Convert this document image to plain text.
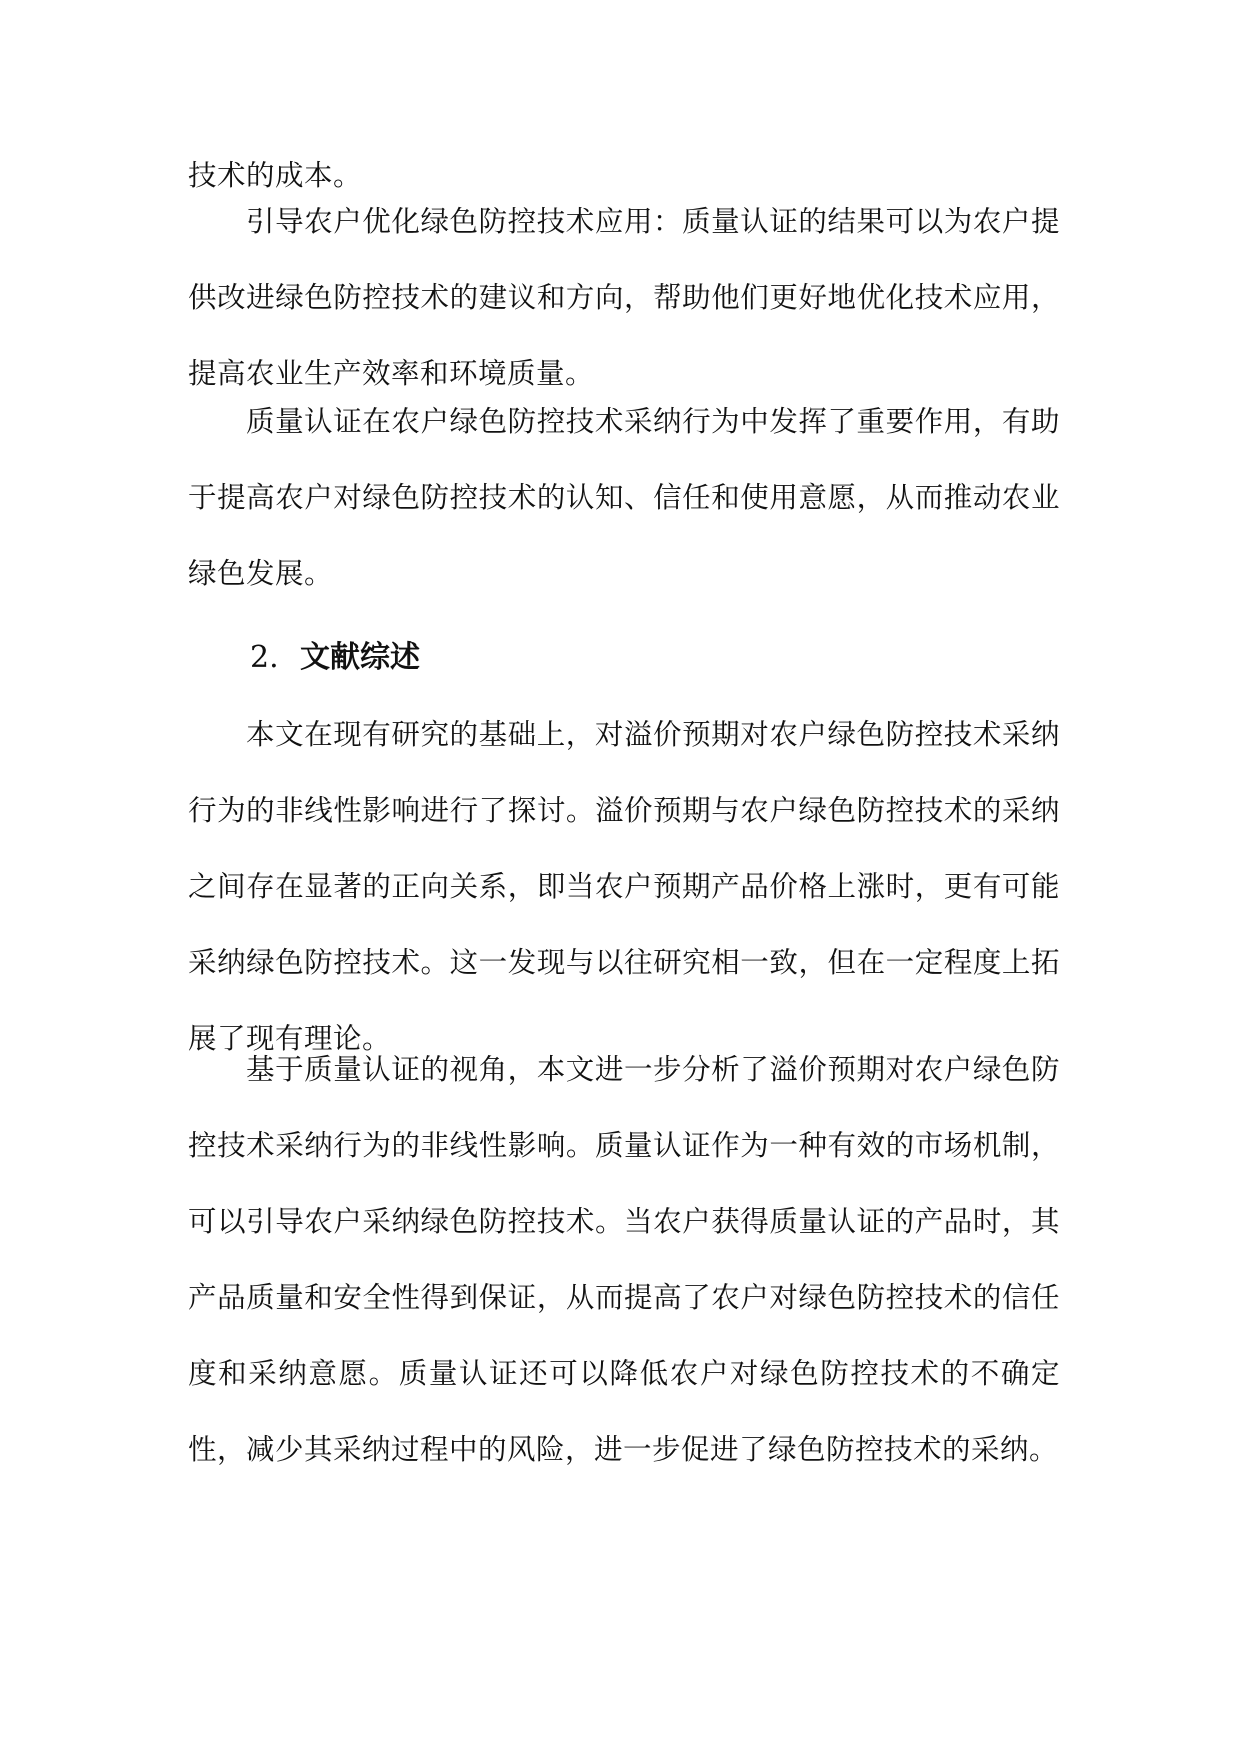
技术的成本。

引导农户优化绿色防控技术应用：质量认证的结果可以为农户提供改进绿色防控技术的建议和方向，帮助他们更好地优化技术应用，提高农业生产效率和环境质量。

质量认证在农户绿色防控技术采纳行为中发挥了重要作用，有助于提高农户对绿色防控技术的认知、信任和使用意愿，从而推动农业绿色发展。

2. 文献综述

本文在现有研究的基础上，对溢价预期对农户绿色防控技术采纳行为的非线性影响进行了探讨。溢价预期与农户绿色防控技术的采纳之间存在显著的正向关系，即当农户预期产品价格上涨时，更有可能采纳绿色防控技术。这一发现与以往研究相一致，但在一定程度上拓展了现有理论。

基于质量认证的视角，本文进一步分析了溢价预期对农户绿色防控技术采纳行为的非线性影响。质量认证作为一种有效的市场机制，可以引导农户采纳绿色防控技术。当农户获得质量认证的产品时，其产品质量和安全性得到保证，从而提高了农户对绿色防控技术的信任度和采纳意愿。质量认证还可以降低农户对绿色防控技术的不确定性，减少其采纳过程中的风险，进一步促进了绿色防控技术的采纳。
